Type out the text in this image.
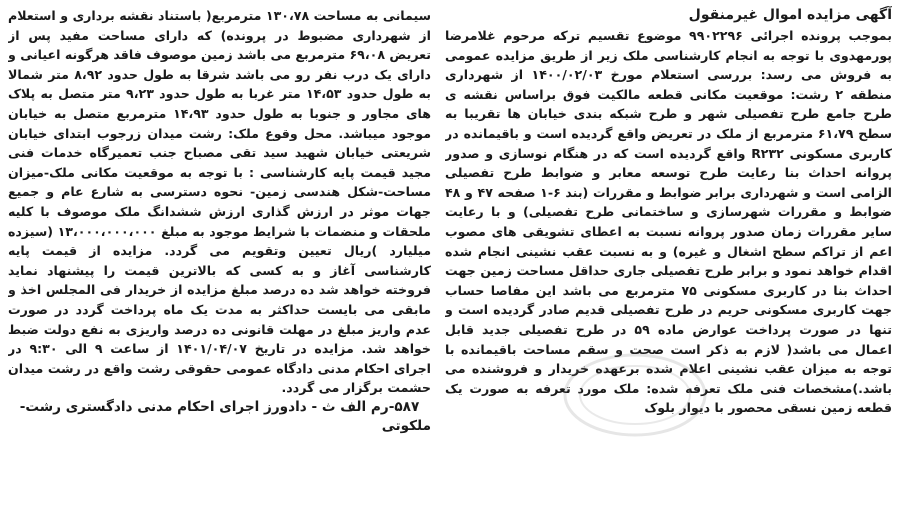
آگهی مزایده اموال غیرمنقول

بموجب پرونده اجرائی ۹۹۰۲۲۹۶ موضوع تقسیم ترکه مرحوم غلامرضا پورمهدوی با توجه به انجام کارشناسی ملک زیر از طریق مزایده عمومی به فروش می رسد: بررسی استعلام مورخ ۱۴۰۰/۰۲/۰۳ از شهرداری منطقه ۲ رشت: موقعیت مکانی قطعه مالکیت فوق براساس نقشه ی طرح جامع طرح تفصیلی شهر و طرح شبکه بندی خیابان ها تقریبا به سطح ۶۱،۷۹ مترمربع از ملک در تعریض واقع گردیده است و باقیمانده در کاربری مسکونی R۲۳۲ واقع گردیده است که در هنگام نوسازی و صدور پروانه احداث بنا رعایت طرح توسعه معابر و ضوابط طرح تفصیلی الزامی است و شهرداری برابر ضوابط و مقررات (بند ۶-۱ صفحه ۴۷ و ۴۸ ضوابط و مقررات شهرسازی و ساختمانی طرح تفصیلی) و با رعایت سایر مقررات زمان صدور پروانه نسبت به اعطای تشویقی های مصوب اعم از تراکم سطح اشغال و غیره) و به نسبت عقب نشینی انجام شده اقدام خواهد نمود و برابر طرح تفصیلی جاری حداقل مساحت زمین جهت احداث بنا در کاربری مسکونی ۷۵ مترمربع می باشد این مفاصا حساب جهت کاربری مسکونی حریم در طرح تفصیلی قدیم صادر گردیده است و تنها در صورت پرداخت عوارض ماده ۵۹ در طرح تفصیلی جدید قابل اعمال می باشد( لازم به ذکر است صحت و سقم مساحت باقیمانده با توجه به میزان عقب نشینی اعلام شده برعهده خریدار و فروشنده می باشد.)مشخصات فنی ملک تعرفه شده: ملک مورد تعرفه به صورت یک قطعه زمین نسقی محصور با دیوار بلوک

سیمانی به مساحت ۱۳۰،۷۸ مترمربع( باستناد نقشه برداری و استعلام از شهرداری مضبوط در پرونده) که دارای مساحت مفید پس از تعریض ۶۹،۰۸ مترمربع می باشد زمین موصوف فاقد هرگونه اعیانی و دارای یک درب نفر رو می باشد شرقا به طول حدود ۸،۹۲ متر شمالا به طول حدود ۱۴،۵۳ متر غربا به طول حدود ۹،۲۳ متر متصل به پلاک های مجاور و جنوبا به طول حدود ۱۴،۹۳ مترمربع متصل به خیابان موجود میباشد. محل وقوع ملک: رشت میدان زرجوب ابتدای خیابان شریعتی خیابان شهید سید تقی مصباح جنب تعمیرگاه خدمات فنی مجید قیمت پایه کارشناسی : با توجه به موقعیت مکانی ملک-میزان مساحت-شکل هندسی زمین- نحوه دسترسی به شارع عام و جمیع جهات موثر در ارزش گذاری ارزش ششدانگ ملک موصوف با کلیه ملحقات و منضمات با شرایط موجود به مبلغ ۱۳،۰۰۰،۰۰۰،۰۰۰ (سیزده میلیارد )ریال تعیین وتقویم می گردد. مزایده از قیمت پایه کارشناسی آغاز و به کسی که بالاترین قیمت را پیشنهاد نماید فروخته خواهد شد ده درصد مبلغ مزایده از خریدار فی المجلس اخذ و مابقی می بایست حداکثر به مدت یک ماه پرداخت گردد در صورت عدم واریز مبلغ در مهلت قانونی ده درصد واریزی به نفع دولت ضبط خواهد شد. مزایده در تاریخ ۱۴۰۱/۰۴/۰۷ از ساعت ۹ الی ۹:۳۰ در اجرای احکام مدنی دادگاه عمومی حقوقی رشت واقع در رشت میدان حشمت برگزار می گردد.

۵۸۷-رم الف ث - دادورز اجرای احکام مدنی دادگستری رشت- ملکوتی
